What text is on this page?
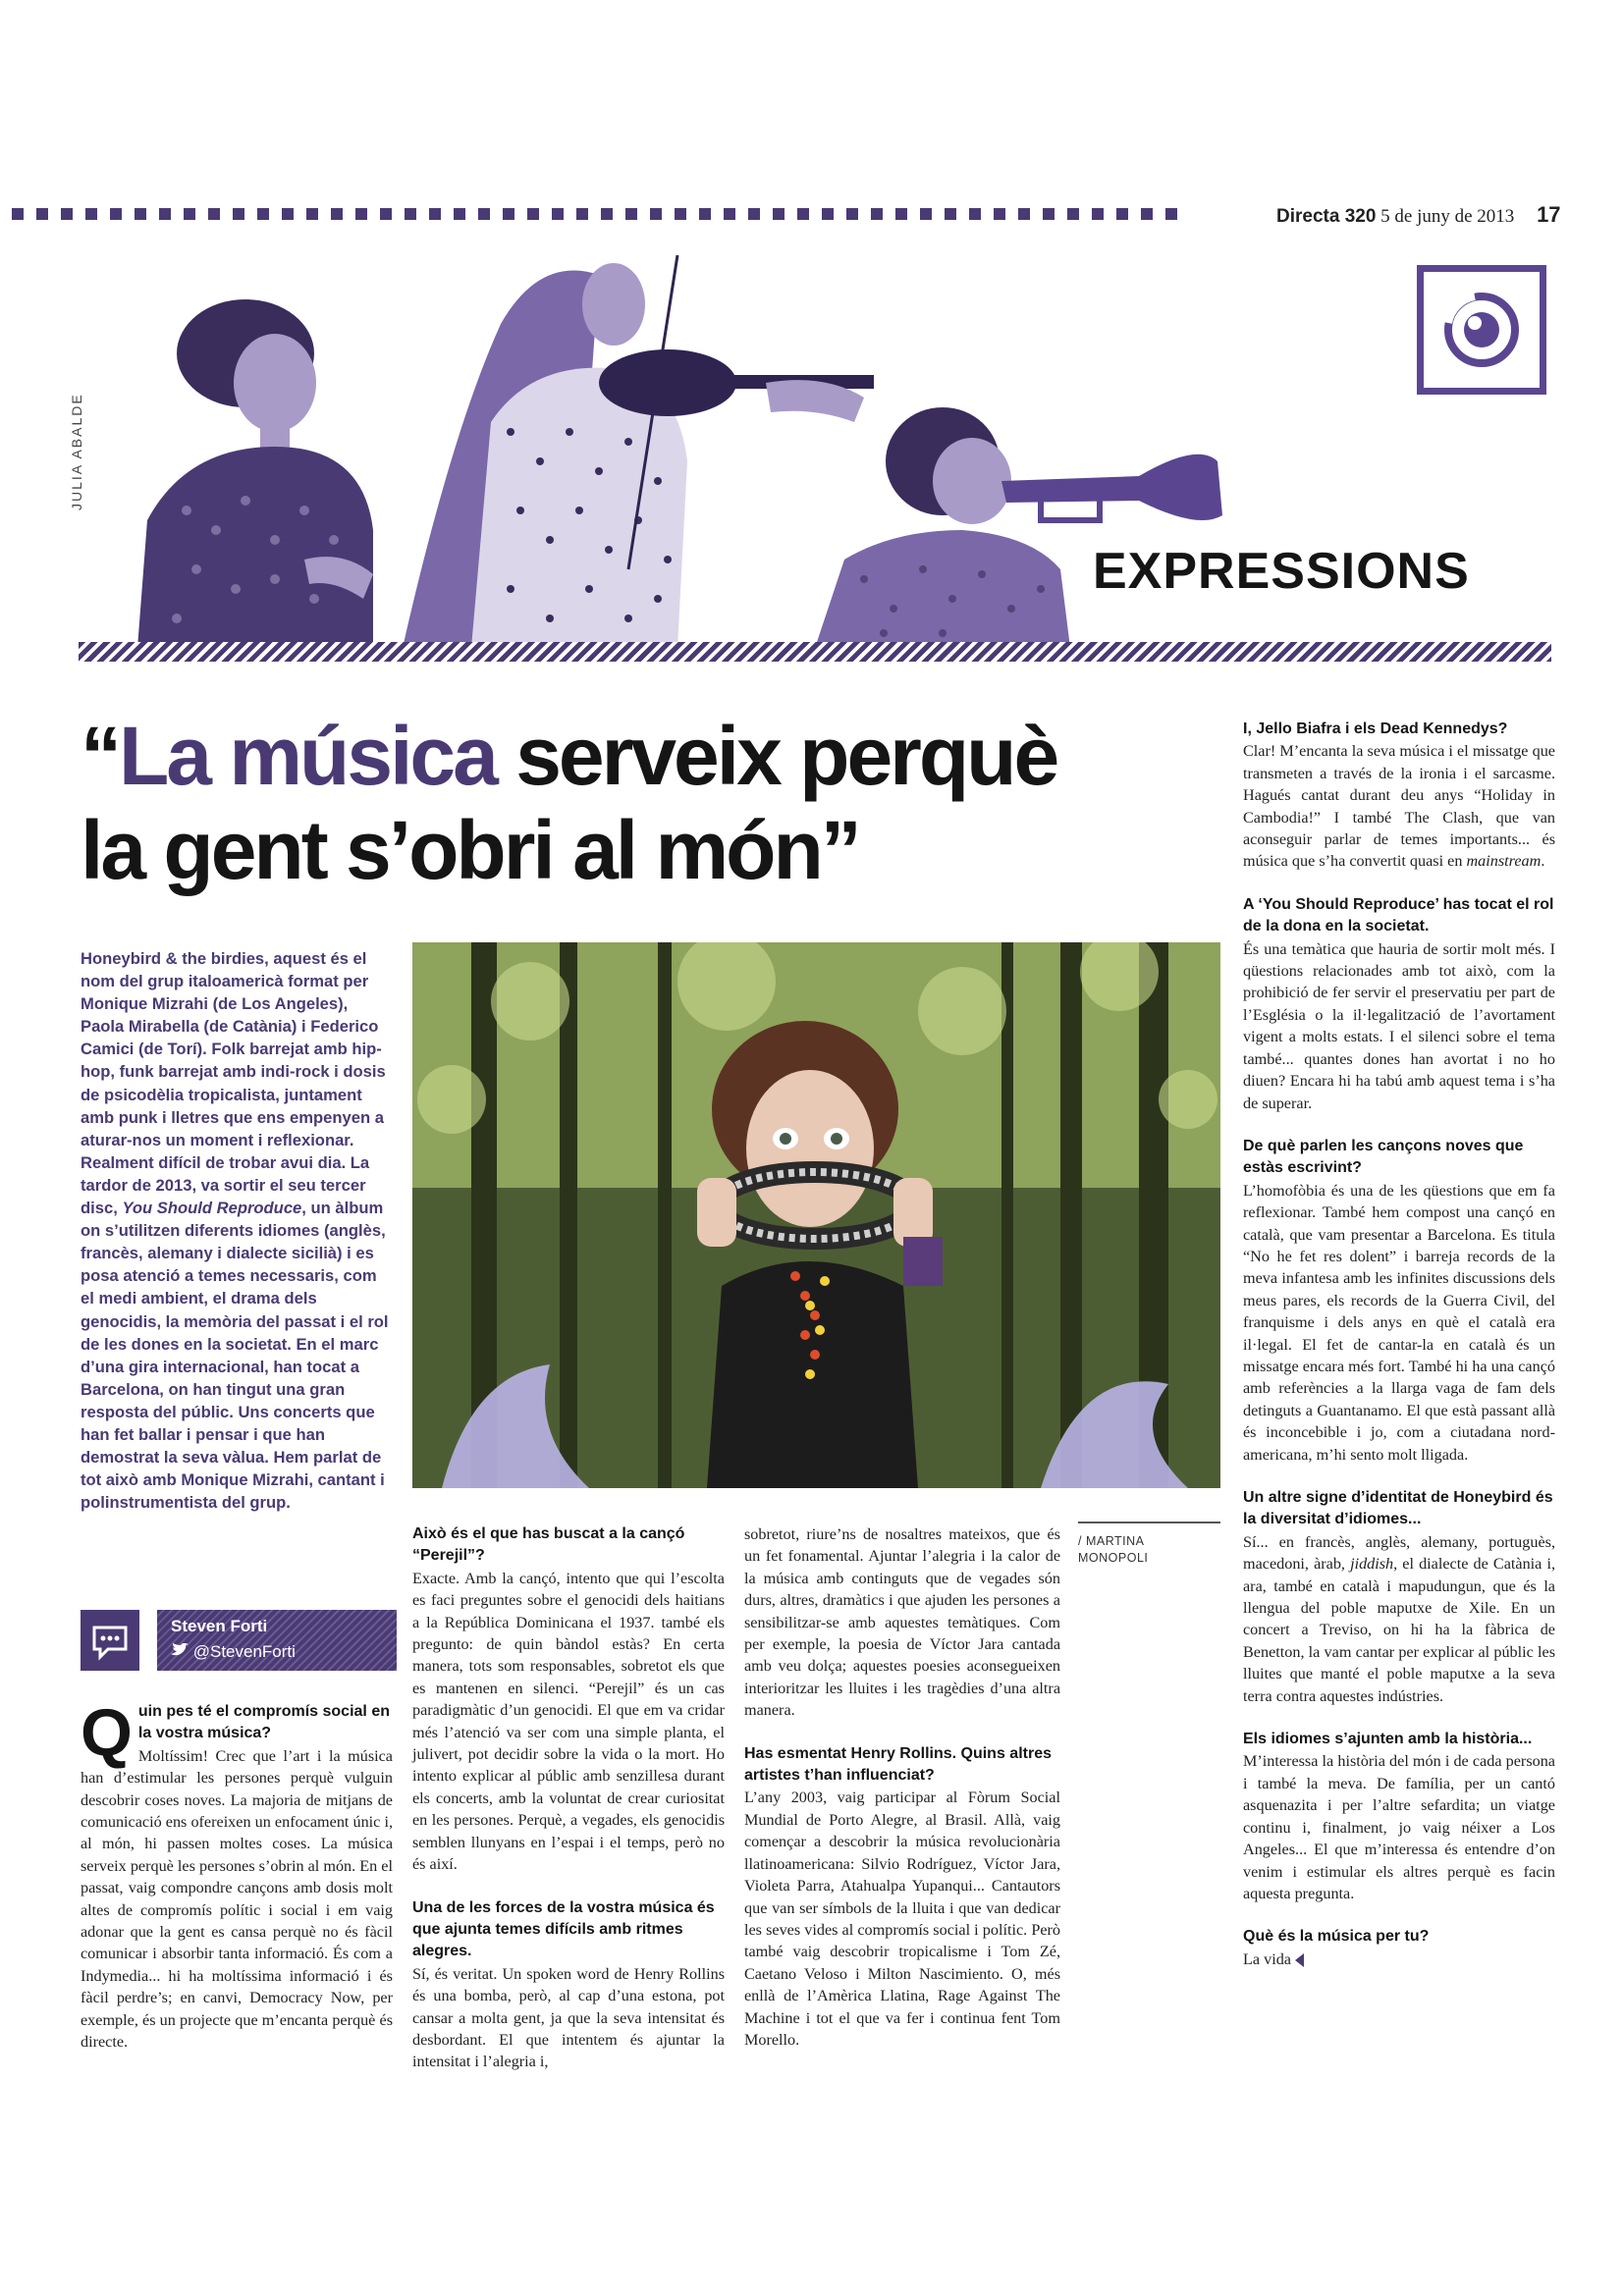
Directa 320 5 de juny de 2013 17
JULIA ABALDE
EXPRESSIONS
“La música serveix perquè
la gent s’obri al món”
Honeybird & the birdies, aquest és el nom del grup italoamericà format per Monique Mizrahi (de Los Angeles), Paola Mirabella (de Catània) i Federico Camici (de Torí). Folk barrejat amb hip-hop, funk barrejat amb indi-rock i dosis de psicodèlia tropicalista, juntament amb punk i lletres que ens empenyen a aturar-nos un moment i reflexionar. Realment difícil de trobar avui dia. La tardor de 2013, va sortir el seu tercer disc, You Should Reproduce, un àlbum on s’utilitzen diferents idiomes (anglès, francès, alemany i dialecte sicilià) i es posa atenció a temes necessaris, com el medi ambient, el drama dels genocidis, la memòria del passat i el rol de les dones en la societat. En el marc d’una gira internacional, han tocat a Barcelona, on han tingut una gran resposta del públic. Uns concerts que han fet ballar i pensar i que han demostrat la seva vàlua. Hem parlat de tot això amb Monique Mizrahi, cantant i polinstrumentista del grup.
/ MARTINA
MONOPOLI
Steven Forti
@StevenForti
Q uin pes té el compromís social en la vostra música?

Moltíssim! Crec que l’art i la música han d’estimular les persones perquè vulguin descobrir coses noves. La majoria de mitjans de comunicació ens ofereixen un enfocament únic i, al món, hi passen moltes coses. La música serveix perquè les persones s’obrin al món. En el passat, vaig compondre cançons amb dosis molt altes de compromís polític i social i em vaig adonar que la gent es cansa perquè no és fàcil comunicar i absorbir tanta informació. És com a Indymedia... hi ha moltíssima informació i és fàcil perdre’s; en canvi, Democracy Now, per exemple, és un projecte que m’encanta perquè és directe.

Això és el que has buscat a la cançó “Perejil”?

Exacte. Amb la cançó, intento que qui l’escolta es faci preguntes sobre el genocidi dels haitians a la República Dominicana el 1937. també els pregunto: de quin bàndol estàs? En certa manera, tots som responsables, sobretot els que es mantenen en silenci. “Perejil” és un cas paradigmàtic d’un genocidi. El que em va cridar més l’atenció va ser com una simple planta, el julivert, pot decidir sobre la vida o la mort. Ho intento explicar al públic amb senzillesa durant els concerts, amb la voluntat de crear curiositat en les persones. Perquè, a vegades, els genocidis semblen llunyans en l’espai i el temps, però no és així.

Una de les forces de la vostra música és que ajunta temes difícils amb ritmes alegres.

Sí, és veritat. Un spoken word de Henry Rollins és una bomba, però, al cap d’una estona, pot cansar a molta gent, ja que la seva intensitat és desbordant. El que intentem és ajuntar la intensitat i l’alegria i,

sobretot, riure’ns de nosaltres mateixos, que és un fet fonamental. Ajuntar l’alegria i la calor de la música amb continguts que de vegades són durs, altres, dramàtics i que ajuden les persones a sensibilitzar-se amb aquestes temàtiques. Com per exemple, la poesia de Víctor Jara cantada amb veu dolça; aquestes poesies aconsegueixen interioritzar les lluites i les tragèdies d’una altra manera.

Has esmentat Henry Rollins. Quins altres artistes t’han influenciat?

L’any 2003, vaig participar al Fòrum Social Mundial de Porto Alegre, al Brasil. Allà, vaig començar a descobrir la música revolucionària llatinoamericana: Silvio Rodríguez, Víctor Jara, Violeta Parra, Atahualpa Yupanqui... Cantautors que van ser símbols de la lluita i que van dedicar les seves vides al compromís social i polític. Però també vaig descobrir tropicalisme i Tom Zé, Caetano Veloso i Milton Nascimiento. O, més enllà de l’Amèrica Llatina, Rage Against The Machine i tot el que va fer i continua fent Tom Morello.

I, Jello Biafra i els Dead Kennedys?

Clar! M’encanta la seva música i el missatge que transmeten a través de la ironia i el sarcasme. Hagués cantat durant deu anys “Holiday in Cambodia!” I també The Clash, que van aconseguir parlar de temes importants... és música que s’ha convertit quasi en mainstream.

A ‘You Should Reproduce’ has tocat el rol de la dona en la societat.

És una temàtica que hauria de sortir molt més. I qüestions relacionades amb tot això, com la prohibició de fer servir el preservatiu per part de l’Església o la il·legalització de l’avortament vigent a molts estats. I el silenci sobre el tema també... quantes dones han avortat i no ho diuen? Encara hi ha tabú amb aquest tema i s’ha de superar.

De què parlen les cançons noves que estàs escrivint?

L’homofòbia és una de les qüestions que em fa reflexionar. També hem compost una cançó en català, que vam presentar a Barcelona. Es titula “No he fet res dolent” i barreja records de la meva infantesa amb les infinites discussions dels meus pares, els records de la Guerra Civil, del franquisme i dels anys en què el català era il·legal. El fet de cantar-la en català és un missatge encara més fort. També hi ha una cançó amb referències a la llarga vaga de fam dels detinguts a Guantanamo. El que està passant allà és inconcebible i jo, com a ciutadana nord-americana, m’hi sento molt lligada.

Un altre signe d’identitat de Honeybird és la diversitat d’idiomes...

Sí... en francès, anglès, alemany, portuguès, macedoni, àrab, jiddish, el dialecte de Catània i, ara, també en català i mapudungun, que és la llengua del poble maputxe de Xile. En un concert a Treviso, on hi ha la fàbrica de Benetton, la vam cantar per explicar al públic les lluites que manté el poble maputxe a la seva terra contra aquestes indústries.

Els idiomes s’ajunten amb la història...

M’interessa la història del món i de cada persona i també la meva. De família, per un cantó asquenazita i per l’altre sefardita; un viatge continu i, finalment, jo vaig néixer a Los Angeles... El que m’interessa és entendre d’on venim i estimular els altres perquè es facin aquesta pregunta.

Què és la música per tu?

La vida
